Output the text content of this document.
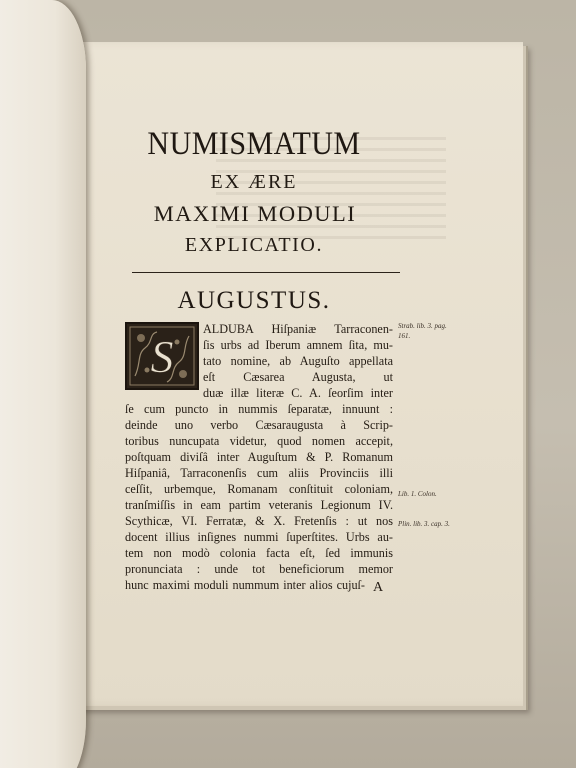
NUMISMATUM
EX ÆRE
MAXIMI MODULI
EXPLICATIO.
AUGUSTUS.
S
ALDUBA Hiſpaniæ Tarraconen-
ſis urbs ad Iberum amnem ſita, mu-
tato nomine, ab Auguſto appellata
eſt Cæsarea Augusta, ut
duæ illæ literæ C. A. ſeorſim inter
ſe cum puncto in nummis ſeparatæ, innuunt :
deinde uno verbo Cæsaraugusta à Scrip-
toribus nuncupata videtur, quod nomen accepit,
poſtquam diviſâ inter Auguſtum & P. Romanum
Hiſpaniâ, Tarraconenſis cum aliis Provinciis illi
ceſſit, urbemque, Romanam conſtituit coloniam,
tranſmiſſis in eam partim veteranis Legionum IV.
Scythicæ, VI. Ferratæ, & X. Fretenſis : ut nos
docent illius inſignes nummi ſuperſtites. Urbs au-
tem non modò colonia facta eſt, ſed immunis
pronunciata : unde tot beneficiorum memor
hunc maximi moduli nummum inter alios cujuſ- A
Strab. lib. 3. pag.
161.
Lib. 1. Colon.
Plin. lib. 3. cap. 3.
